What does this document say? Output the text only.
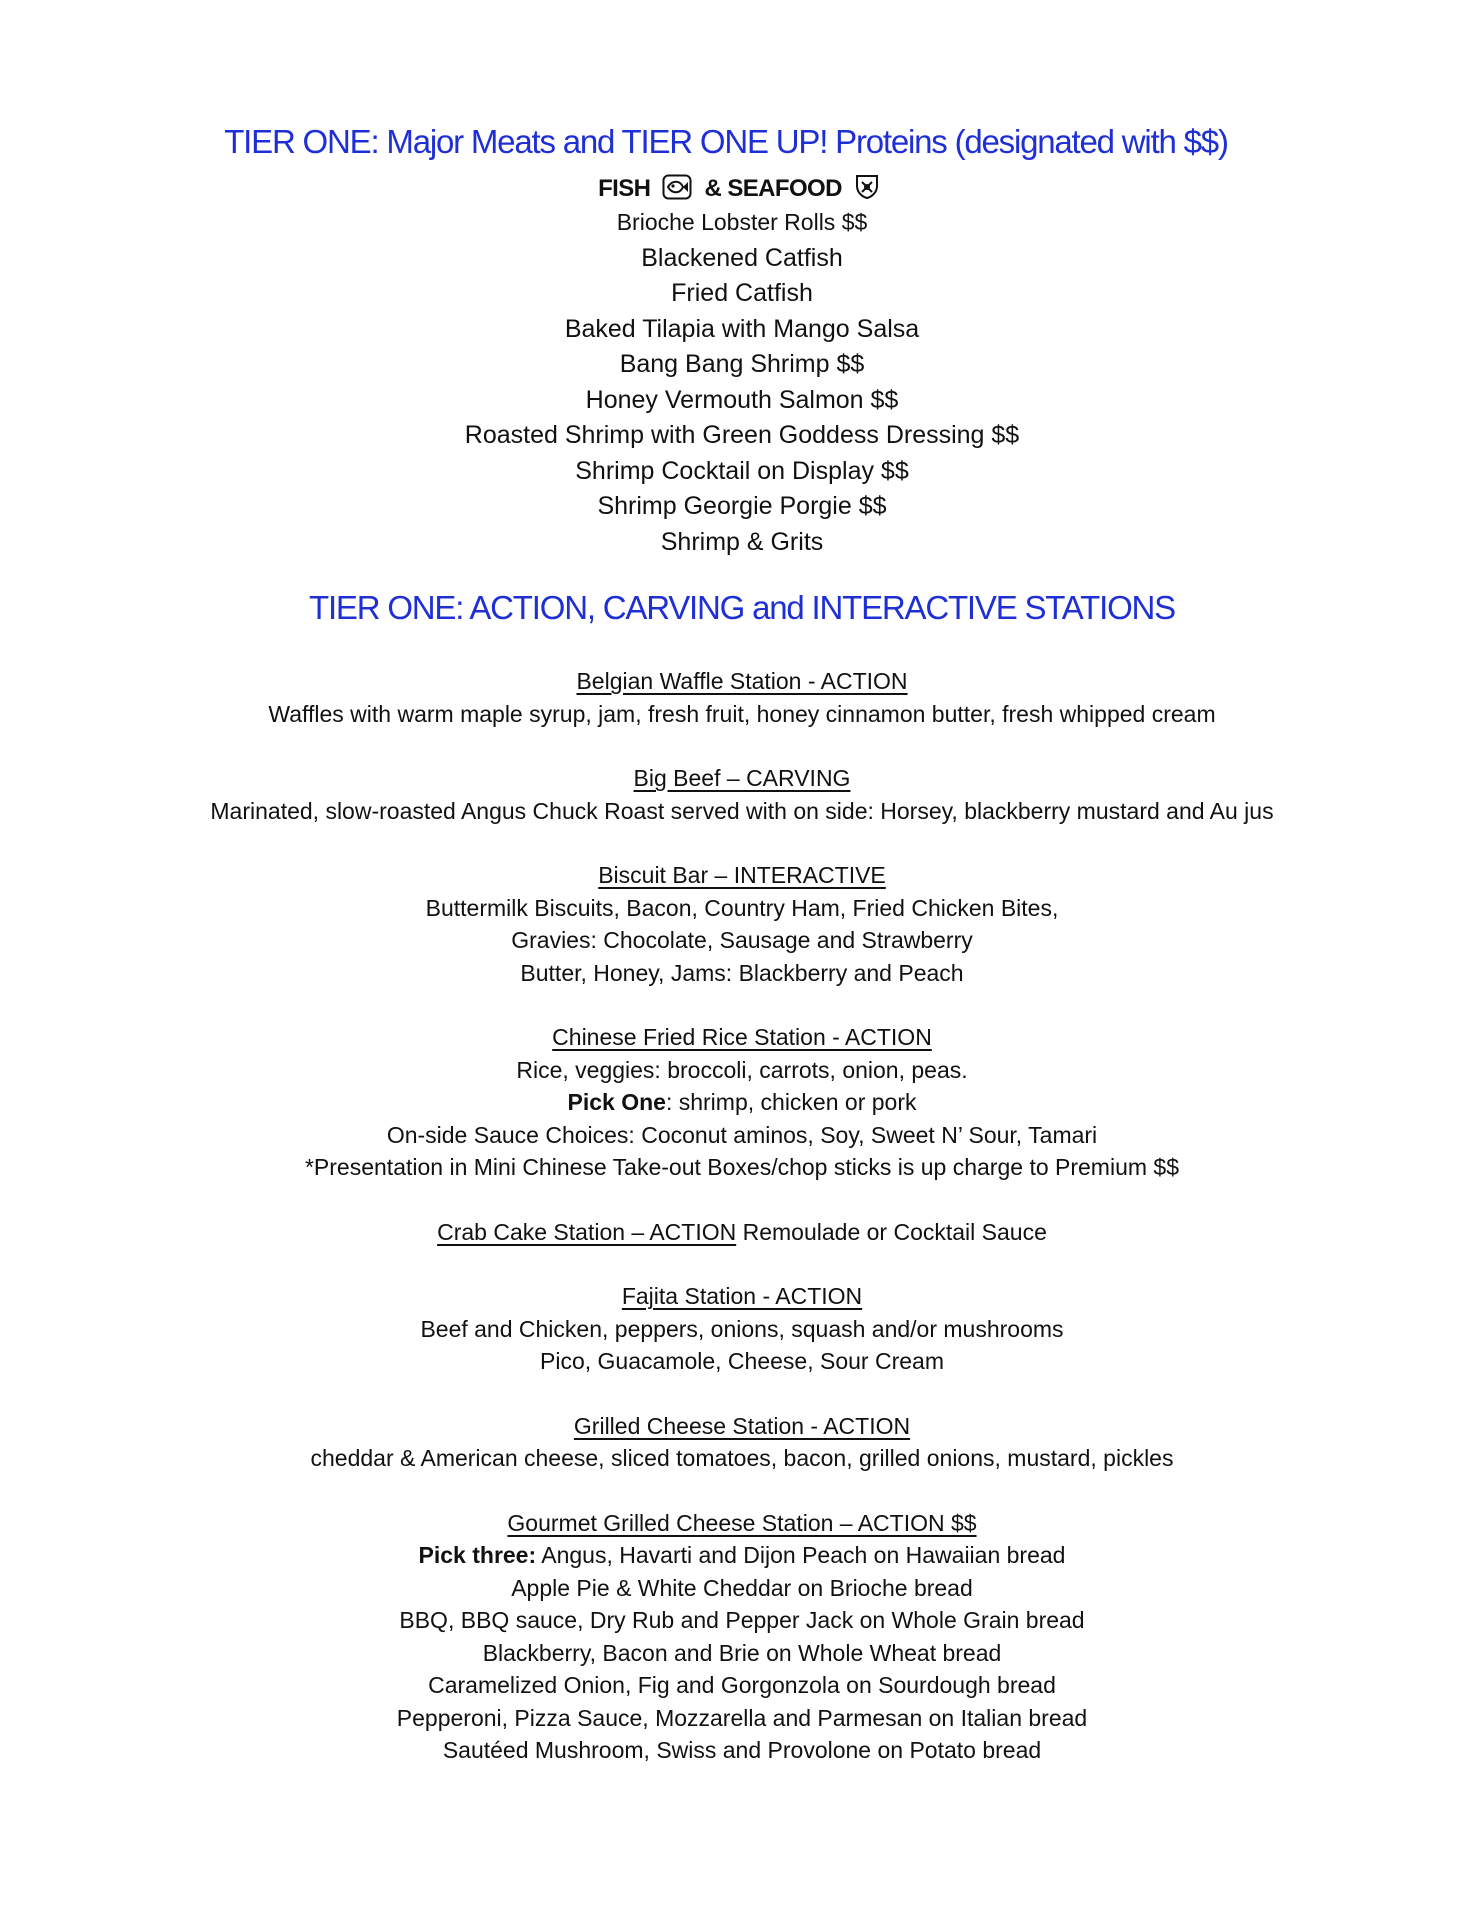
TIER ONE: Major Meats and TIER ONE UP! Proteins (designated with $$)
FISH & SEAFOOD
Brioche Lobster Rolls $$
Blackened Catfish
Fried Catfish
Baked Tilapia with Mango Salsa
Bang Bang Shrimp $$
Honey Vermouth Salmon $$
Roasted Shrimp with Green Goddess Dressing $$
Shrimp Cocktail on Display $$
Shrimp Georgie Porgie $$
Shrimp & Grits
TIER ONE: ACTION, CARVING and INTERACTIVE STATIONS
Belgian Waffle Station - ACTION
Waffles with warm maple syrup, jam, fresh fruit, honey cinnamon butter, fresh whipped cream
Big Beef – CARVING
Marinated, slow-roasted Angus Chuck Roast served with on side: Horsey, blackberry mustard and Au jus
Biscuit Bar – INTERACTIVE
Buttermilk Biscuits, Bacon, Country Ham, Fried Chicken Bites,
Gravies: Chocolate, Sausage and Strawberry
Butter, Honey, Jams: Blackberry and Peach
Chinese Fried Rice Station - ACTION
Rice, veggies: broccoli, carrots, onion, peas.
Pick One: shrimp, chicken or pork
On-side Sauce Choices: Coconut aminos, Soy, Sweet N’ Sour, Tamari
*Presentation in Mini Chinese Take-out Boxes/chop sticks is up charge to Premium $$
Crab Cake Station – ACTION Remoulade or Cocktail Sauce
Fajita Station - ACTION
Beef and Chicken, peppers, onions, squash and/or mushrooms
Pico, Guacamole, Cheese, Sour Cream
Grilled Cheese Station - ACTION
cheddar & American cheese, sliced tomatoes, bacon, grilled onions, mustard, pickles
Gourmet Grilled Cheese Station – ACTION $$
Pick three: Angus, Havarti and Dijon Peach on Hawaiian bread
Apple Pie & White Cheddar on Brioche bread
BBQ, BBQ sauce, Dry Rub and Pepper Jack on Whole Grain bread
Blackberry, Bacon and Brie on Whole Wheat bread
Caramelized Onion, Fig and Gorgonzola on Sourdough bread
Pepperoni, Pizza Sauce, Mozzarella and Parmesan on Italian bread
Sautéed Mushroom, Swiss and Provolone on Potato bread
